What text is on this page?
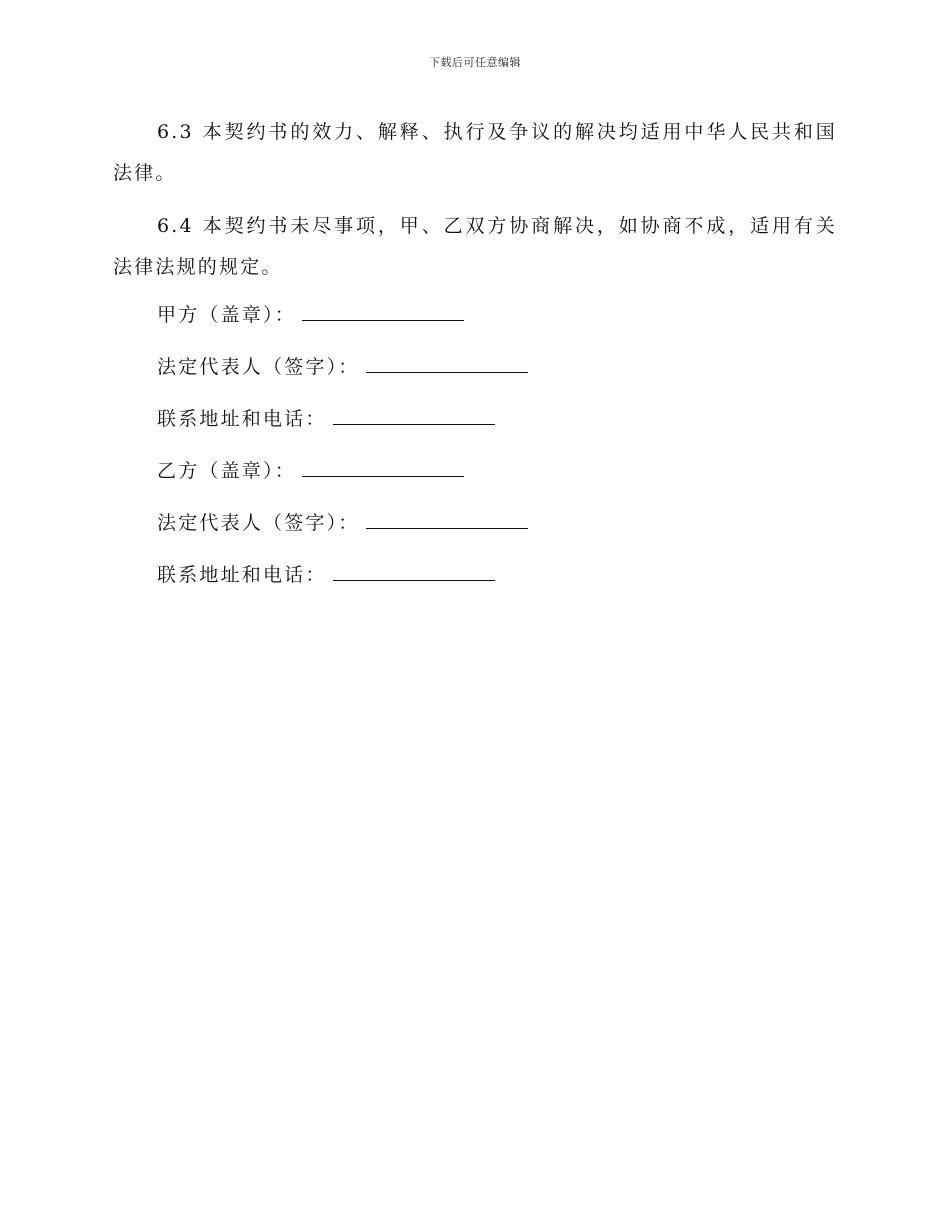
下载后可任意编辑

6.3 本契约书的效力、解释、执行及争议的解决均适用中华人民共和国法律。

6.4 本契约书未尽事项，甲、乙双方协商解决，如协商不成，适用有关法律法规的规定。

甲方（盖章）：
法定代表人（签字）：
联系地址和电话：
乙方（盖章）：
法定代表人（签字）：
联系地址和电话：
